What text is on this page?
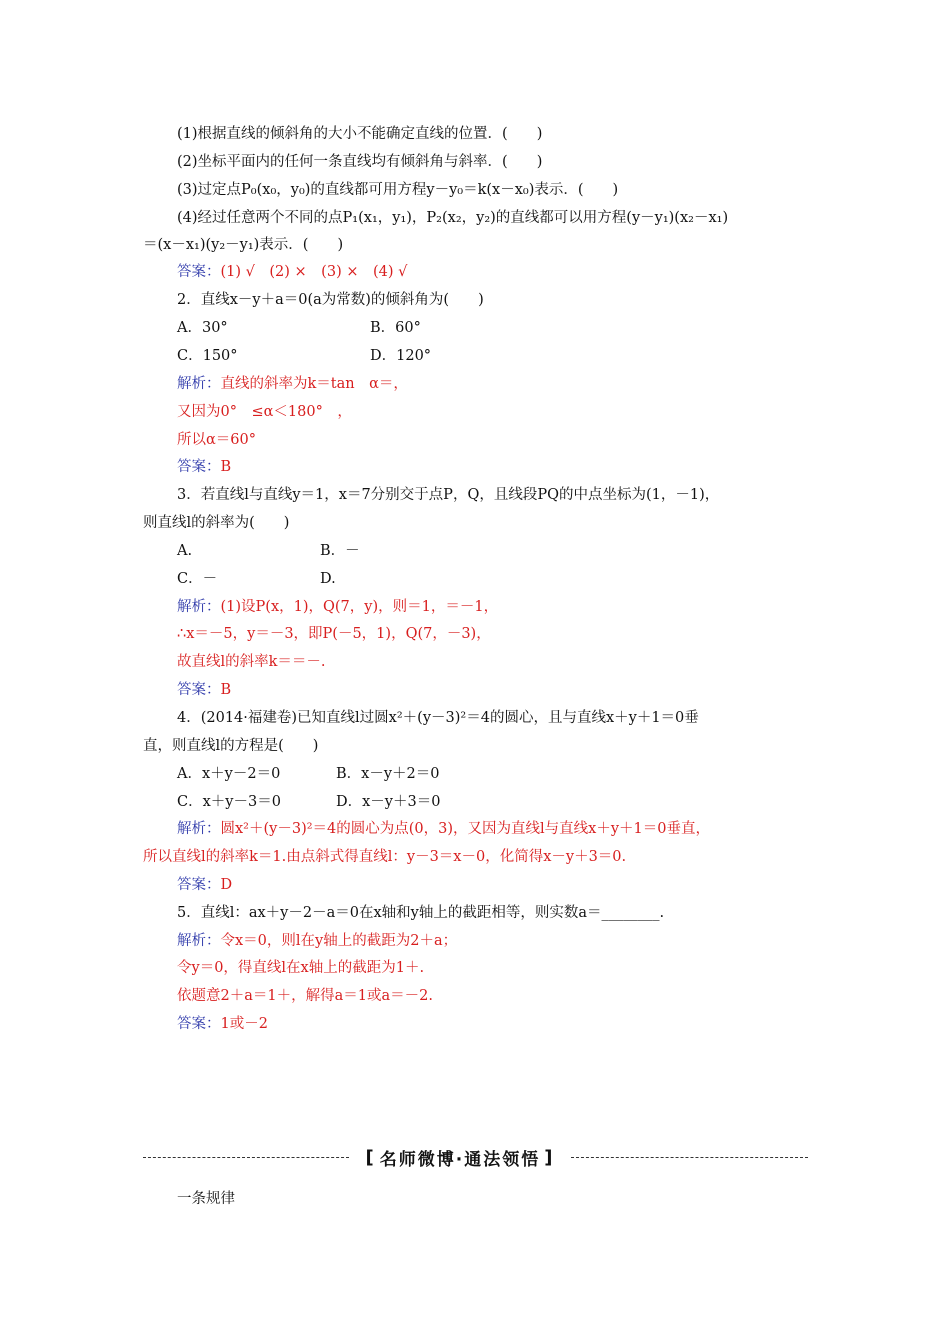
(1)根据直线的倾斜角的大小不能确定直线的位置．(　　)
(2)坐标平面内的任何一条直线均有倾斜角与斜率．(　　)
(3)过定点P₀(x₀，y₀)的直线都可用方程y－y₀＝k(x－x₀)表示．(　　)
(4)经过任意两个不同的点P₁(x₁，y₁)，P₂(x₂，y₂)的直线都可以用方程(y－y₁)(x₂－x₁)
＝(x－x₁)(y₂－y₁)表示．(　　)
答案：(1) √　(2) ×　(3) ×　(4) √
2．直线x－y＋a＝0(a为常数)的倾斜角为(　　)
A．30°	B．60°
C．150°	D．120°
解析：直线的斜率为k＝tan　α＝，
又因为0°　≤α＜180°　，
所以α＝60°
答案：B
3．若直线l与直线y＝1，x＝7分别交于点P，Q，且线段PQ的中点坐标为(1，－1)，
则直线l的斜率为(　　)
A.	B．－
C．－	D.
解析：(1)设P(x，1)，Q(7，y)，则＝1，＝－1，
∴x＝－5，y＝－3，即P(－5，1)，Q(7，－3)，
故直线l的斜率k＝＝－.
答案：B
4．(2014·福建卷)已知直线l过圆x²＋(y－3)²＝4的圆心，且与直线x＋y＋1＝0垂
直，则直线l的方程是(　　)
A．x＋y－2＝0	B．x－y＋2＝0
C．x＋y－3＝0	D．x－y＋3＝0
解析：圆x²＋(y－3)²＝4的圆心为点(0，3)，又因为直线l与直线x＋y＋1＝0垂直，
所以直线l的斜率k＝1.由点斜式得直线l：y－3＝x－0，化简得x－y＋3＝0.
答案：D
5．直线l：ax＋y－2－a＝0在x轴和y轴上的截距相等，则实数a＝________.
解析：令x＝0，则l在y轴上的截距为2＋a；
令y＝0，得直线l在x轴上的截距为1＋.
依题意2＋a＝1＋，解得a＝1或a＝－2.
答案：1或－2
[ 名师微博·通法领悟 ]
一条规律
